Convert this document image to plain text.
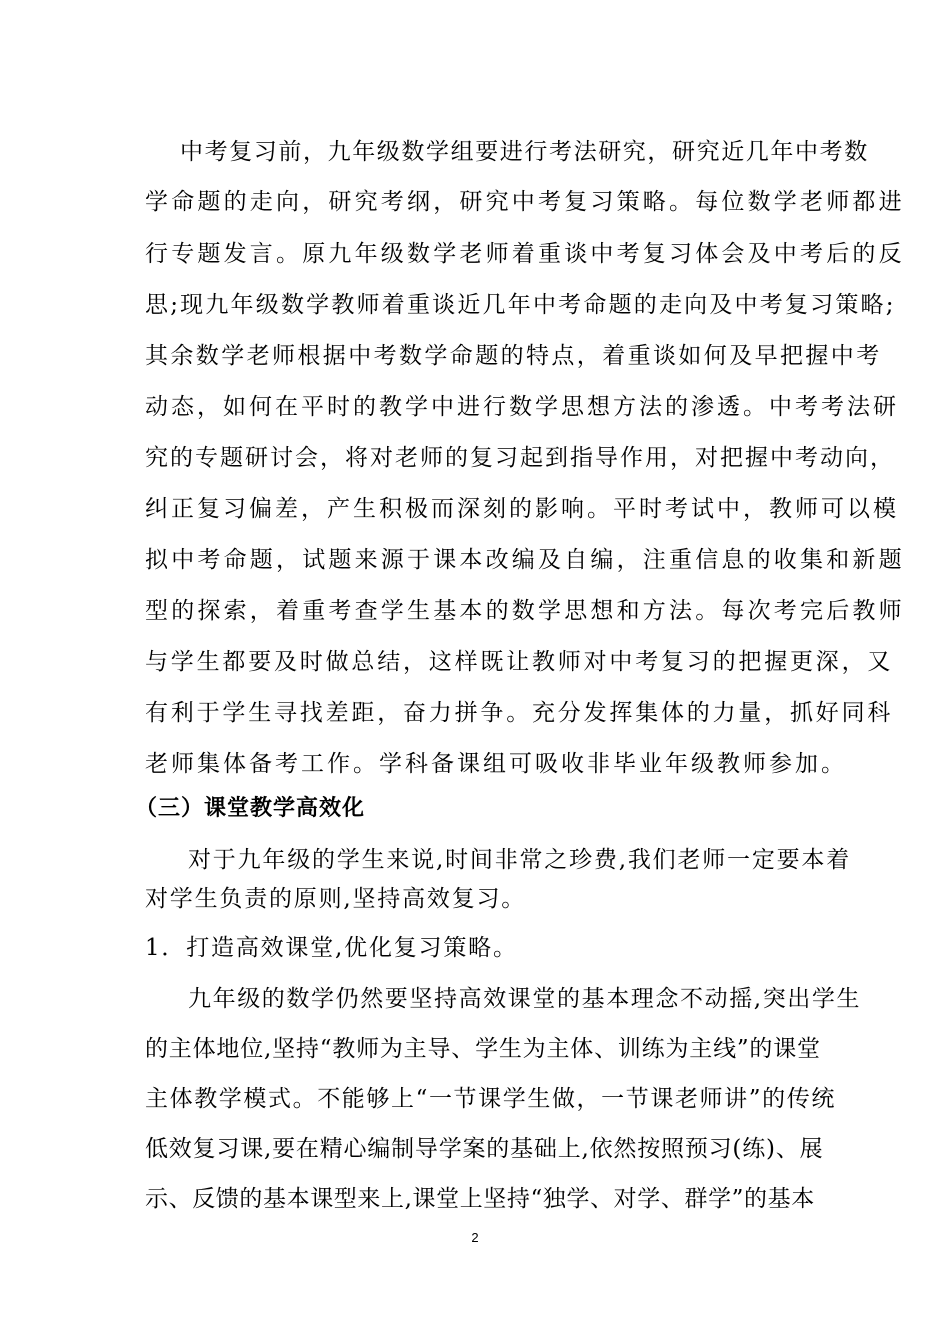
中考复习前，九年级数学组要进行考法研究，研究近几年中考数
学命题的走向，研究考纲，研究中考复习策略。每位数学老师都进
行专题发言。原九年级数学老师着重谈中考复习体会及中考后的反
思;现九年级数学教师着重谈近几年中考命题的走向及中考复习策略;
其余数学老师根据中考数学命题的特点，着重谈如何及早把握中考
动态，如何在平时的教学中进行数学思想方法的渗透。中考考法研
究的专题研讨会，将对老师的复习起到指导作用，对把握中考动向，
纠正复习偏差，产生积极而深刻的影响。平时考试中，教师可以模
拟中考命题，试题来源于课本改编及自编，注重信息的收集和新题
型的探索，着重考查学生基本的数学思想和方法。每次考完后教师
与学生都要及时做总结，这样既让教师对中考复习的把握更深，又
有利于学生寻找差距，奋力拼争。充分发挥集体的力量，抓好同科
老师集体备考工作。学科备课组可吸收非毕业年级教师参加。
（三）课堂教学高效化
对于九年级的学生来说,时间非常之珍费,我们老师一定要本着
对学生负责的原则,坚持高效复习。
1．打造高效课堂,优化复习策略。
九年级的数学仍然要坚持高效课堂的基本理念不动摇,突出学生
的主体地位,坚持“教师为主导、学生为主体、训练为主线”的课堂
主体教学模式。不能够上“一节课学生做，一节课老师讲”的传统
低效复习课,要在精心编制导学案的基础上,依然按照预习(练)、展
示、反馈的基本课型来上,课堂上坚持“独学、对学、群学”的基本
2
